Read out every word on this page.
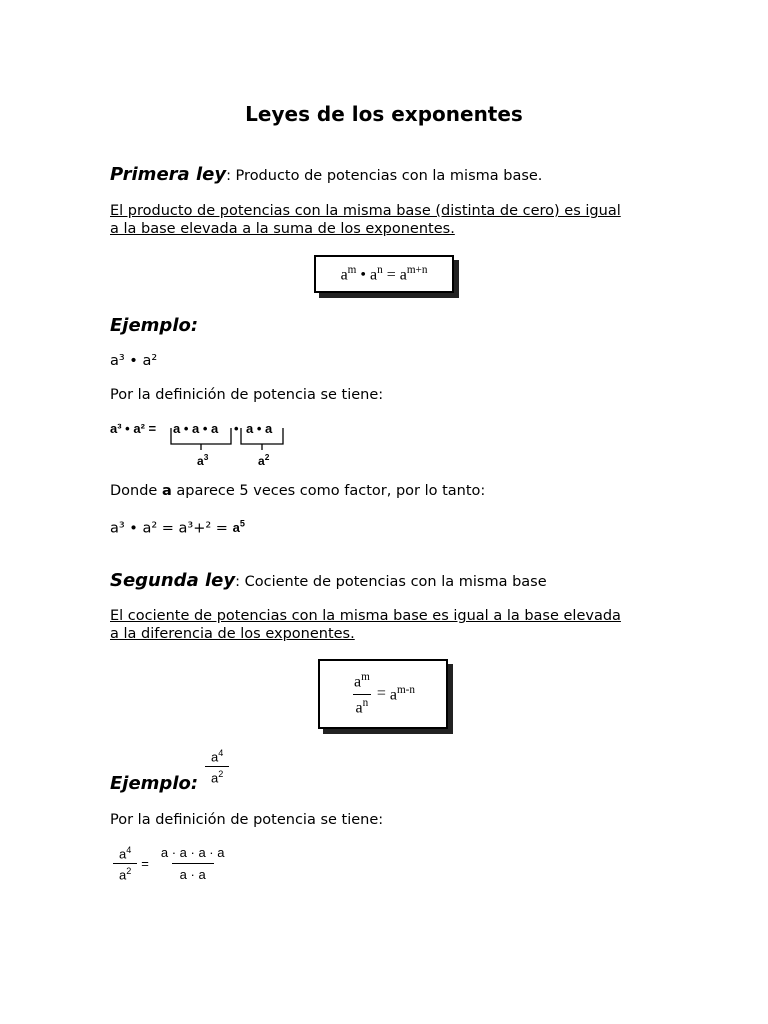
Leyes de los exponentes
Primera ley: Producto de potencias con la misma base.
El producto de potencias con la misma base (distinta de cero) es igual
a la base elevada a la suma de los exponentes.
$a^m$ • $a^n = a^{m+n}$
Ejemplo:
a³ • a²
Por la definición de potencia se tiene:
a³ • a² = a • a • a • a • a
$a^3$	$a^2$
Donde a aparece 5 veces como factor, por lo tanto:
a³ • $a^2 = a^3+^2 = a^5$
Segunda ley: Cociente de potencias con la misma base
El cociente de potencias con la misma base es igual a la base elevada
a la diferencia de los exponentes.
$\frac{a^m}{a^n} = a^{m-n}$
Ejemplo: $\frac{a^4}{a^2}$
Por la definición de potencia se tiene:
$\frac{a^4}{a^2} = \frac{a \cdot a \cdot a \cdot a}{a \cdot a}$
